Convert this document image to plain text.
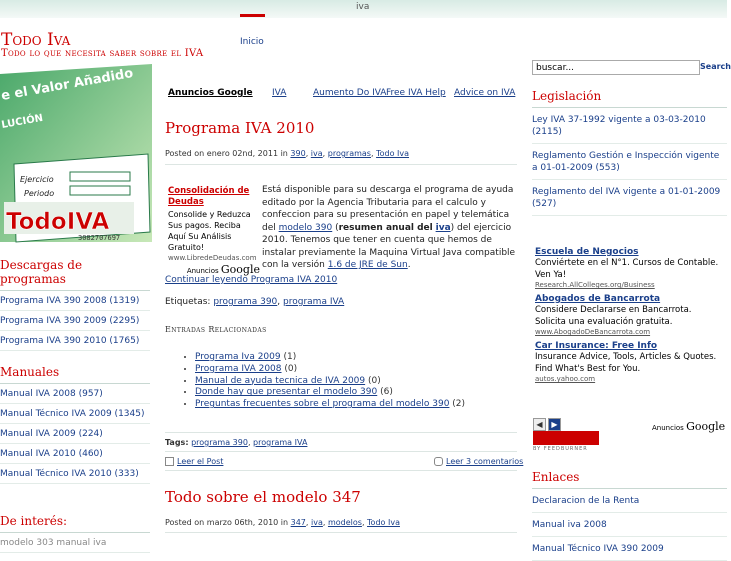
iva
Todo Iva
Todo lo que necesita saber sobre el IVA
Inicio
e el Valor Añadido
LUCIÓN
Ejercicio
Periodo
TodoIVA
3082707697
Descargas de programas
Programa IVA 390 2008 (1319)
Programa IVA 390 2009 (2295)
Programa IVA 390 2010 (1765)
Manuales
Manual IVA 2008 (957)
Manual Técnico IVA 2009 (1345)
Manual IVA 2009 (224)
Manual IVA 2010 (460)
Manual Técnico IVA 2010 (333)
De interés:
modelo 303 manual iva
Anuncios Google IVA	Aumento Do IVA Free IVA Help Advice on IVA
Programa IVA 2010
Posted on enero 02nd, 2011 in 390, iva, programas, Todo Iva
Consolidación de Deudas
Consolide y Reduzca Sus pagos. Reciba Aquí Su Análisis Gratuito!
www.LibredeDeudas.com
Anuncios Google
Está disponible para su descarga el programa de ayuda editado por la Agencia Tributaria para el calculo y confeccion para su presentación en papel y telemática del modelo 390 (resumen anual del iva) del ejercicio 2010. Tenemos que tener en cuenta que hemos de instalar previamente la Maquina Virtual Java compatible con la versión 1.6 de JRE de Sun.
Continuar leyendo Programa IVA 2010
Etiquetas: programa 390, programa IVA
Entradas Relacionadas
• Programa Iva 2009 (1)
• Programa IVA 2008 (0)
• Manual de ayuda tecnica de IVA 2009 (0)
• Donde hay que presentar el modelo 390 (6)
• Preguntas frecuentes sobre el programa del modelo 390 (2)
Tags: programa 390, programa IVA
Leer el Post	Leer 3 comentarios
Todo sobre el modelo 347
Posted on marzo 06th, 2010 in 347, iva, modelos, Todo Iva
buscar...
Search
Legislación
Ley IVA 37-1992 vigente a 03-03-2010 (2115)
Reglamento Gestión e Inspección vigente a 01-01-2009 (553)
Reglamento del IVA vigente a 01-01-2009 (527)
Escuela de Negocios
Conviértete en el N°1. Cursos de Contable. Ven Ya!
Research.AllColleges.org/Business
Abogados de Bancarrota
Considere Declararse en Bancarrota. Solicita una evaluación gratuita.
www.AbogadoDeBancarrota.com
Car Insurance: Free Info
Insurance Advice, Tools, Articles & Quotes. Find What's Best for You.
autos.yahoo.com
◀ ▶	Anuncios Google
BY FEEDBURNER
Enlaces
Declaracion de la Renta
Manual iva 2008
Manual Técnico IVA 390 2009
